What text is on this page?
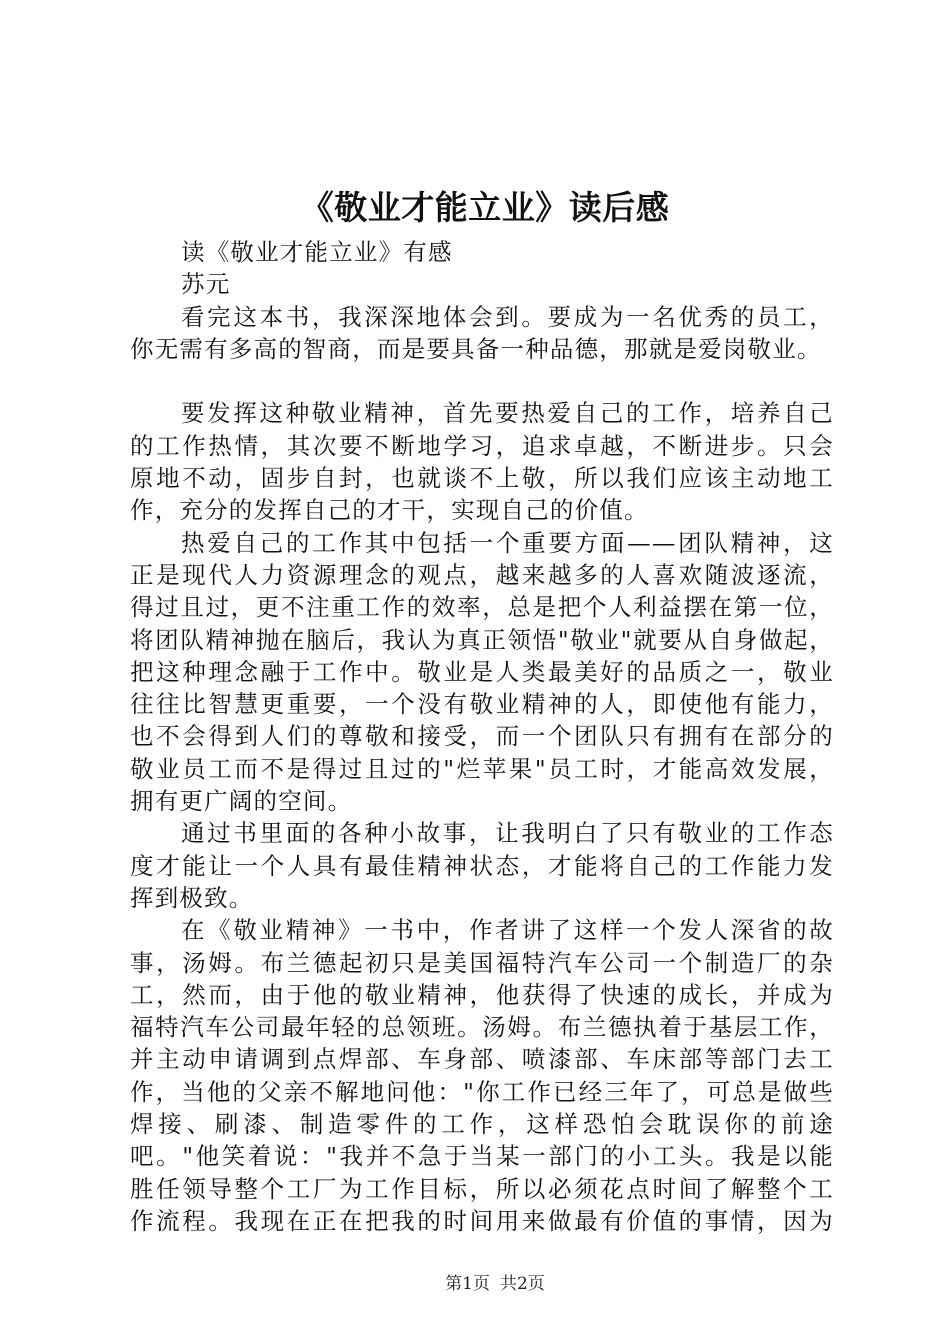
《敬业才能立业》读后感
读《敬业才能立业》有感
苏元
看完这本书，我深深地体会到。要成为一名优秀的员工，
你无需有多高的智商，而是要具备一种品德，那就是爱岗敬业。
要发挥这种敬业精神，首先要热爱自己的工作，培养自己
的工作热情，其次要不断地学习，追求卓越，不断进步。只会
原地不动，固步自封，也就谈不上敬，所以我们应该主动地工
作，充分的发挥自己的才干，实现自己的价值。
热爱自己的工作其中包括一个重要方面——团队精神，这
正是现代人力资源理念的观点，越来越多的人喜欢随波逐流，
得过且过，更不注重工作的效率，总是把个人利益摆在第一位，
将团队精神抛在脑后，我认为真正领悟"敬业"就要从自身做起，
把这种理念融于工作中。敬业是人类最美好的品质之一，敬业
往往比智慧更重要，一个没有敬业精神的人，即使他有能力，
也不会得到人们的尊敬和接受，而一个团队只有拥有在部分的
敬业员工而不是得过且过的"烂苹果"员工时，才能高效发展，
拥有更广阔的空间。
通过书里面的各种小故事，让我明白了只有敬业的工作态
度才能让一个人具有最佳精神状态，才能将自己的工作能力发
挥到极致。
在《敬业精神》一书中，作者讲了这样一个发人深省的故
事，汤姆。布兰德起初只是美国福特汽车公司一个制造厂的杂
工，然而，由于他的敬业精神，他获得了快速的成长，并成为
福特汽车公司最年轻的总领班。汤姆。布兰德执着于基层工作，
并主动申请调到点焊部、车身部、喷漆部、车床部等部门去工
作，当他的父亲不解地问他："你工作已经三年了，可总是做些
焊接、刷漆、制造零件的工作，这样恐怕会耽误你的前途
吧。"他笑着说："我并不急于当某一部门的小工头。我是以能
胜任领导整个工厂为工作目标，所以必须花点时间了解整个工
作流程。我现在正在把我的时间用来做最有价值的事情，因为
第1页 共2页
